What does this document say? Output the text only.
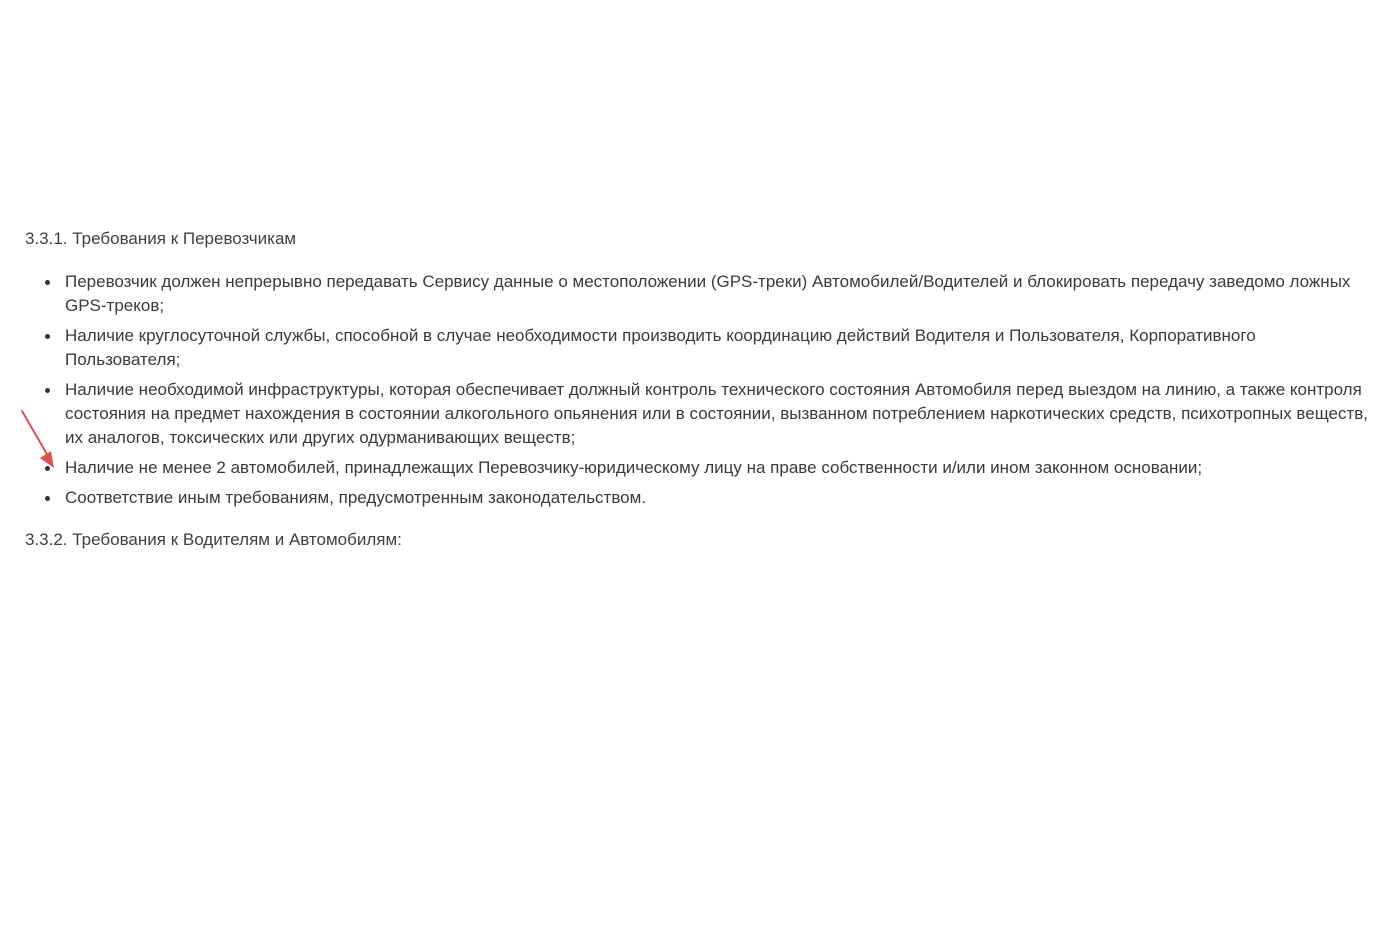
3.3.1. Требования к Перевозчикам

Перевозчик должен непрерывно передавать Сервису данные о местоположении (GPS-треки) Автомобилей/Водителей и блокировать передачу заведомо ложных GPS-треков;
Наличие круглосуточной службы, способной в случае необходимости производить координацию действий Водителя и Пользователя, Корпоративного Пользователя;
Наличие необходимой инфраструктуры, которая обеспечивает должный контроль технического состояния Автомобиля перед выездом на линию, а также контроля состояния на предмет нахождения в состоянии алкогольного опьянения или в состоянии, вызванном потреблением наркотических средств, психотропных веществ, их аналогов, токсических или других одурманивающих веществ;
Наличие не менее 2 автомобилей, принадлежащих Перевозчику-юридическому лицу на праве собственности и/или ином законном основании;
Соответствие иным требованиям, предусмотренным законодательством.

3.3.2. Требования к Водителям и Автомобилям:
